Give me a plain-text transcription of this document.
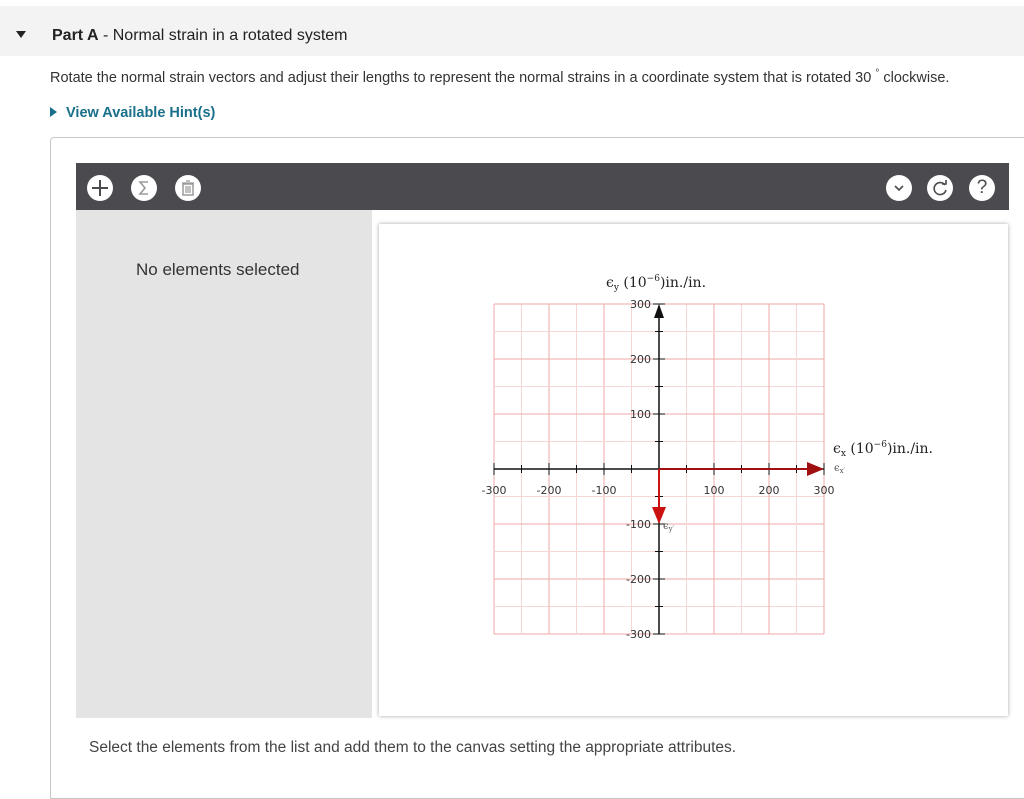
Part A - Normal strain in a rotated system
Rotate the normal strain vectors and adjust their lengths to represent the normal strains in a coordinate system that is rotated 30 ° clockwise.
View Available Hint(s)
?
No elements selected
-300	-200	-100	100	200	300
300
200
100
-100
-200
-300
$\epsilon_y$ $(10^{-6})in./in$.
$\epsilon_x$ $(10^{-6})in./in$.
$\epsilon_{x'}$
$\epsilon_{y'}$
Select the elements from the list and add them to the canvas setting the appropriate attributes.
